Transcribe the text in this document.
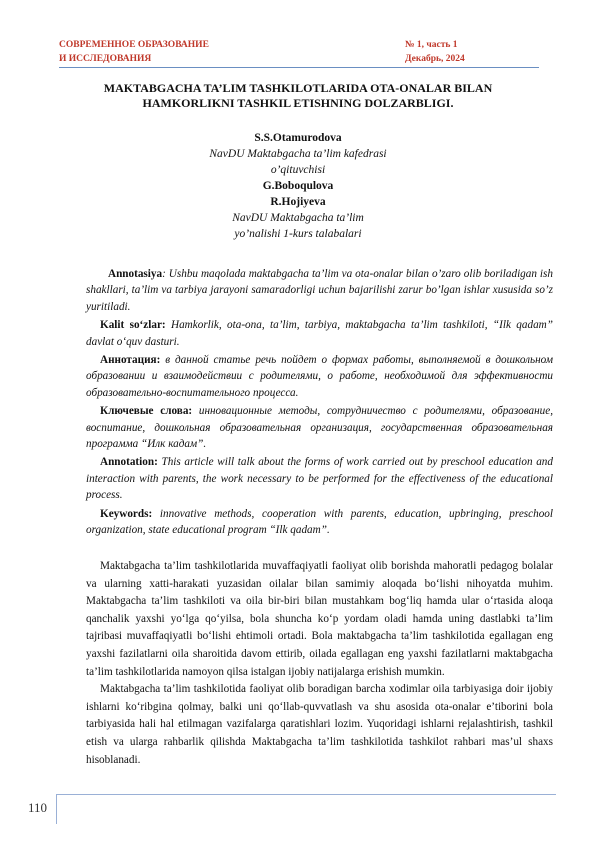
СОВРЕМЕННОЕ ОБРАЗОВАНИЕ
И ИССЛЕДОВАНИЯ
№ 1, часть 1
Декабрь, 2024
MAKTABGACHA TA’LIM TASHKILOTLARIDA OTA-ONALAR BILAN
HAMKORLIKNI TASHKIL ETISHNING DOLZARBLIGI.
S.S.Otamurodova
NavDU Maktabgacha ta’lim kafedrasi
o’qituvchisi
G.Boboqulova
R.Hojiyeva
NavDU Maktabgacha ta’lim
yo’nalishi 1-kurs talabalari

Annotasiya: Ushbu maqolada maktabgacha ta’lim va ota-onalar bilan o’zaro olib boriladigan ish shakllari, ta’lim va tarbiya jarayoni samaradorligi uchun bajarilishi zarur bo’lgan ishlar xususida so’z yuritiladi.

Kalit so‘zlar: Hamkorlik, ota-ona, ta’lim, tarbiya, maktabgacha ta’lim tashkiloti, “Ilk qadam” davlat o‘quv dasturi.

Аннотация: в данной статье речь пойдет о формах работы, выполняемой в дошкольном образовании и взаимодействии с родителями, о работе, необходимой для эффективности образовательно-воспитательного процесса.

Ключевые слова: инновационные методы, сотрудничество с родителями, образование, воспитание, дошкольная образовательная организация, государственная образовательная программа “Илк кадам”.

Annotation: This article will talk about the forms of work carried out by preschool education and interaction with parents, the work necessary to be performed for the effectiveness of the educational process.

Keywords: innovative methods, cooperation with parents, education, upbringing, preschool organization, state educational program “Ilk qadam”.

Maktabgacha ta’lim tashkilotlarida muvaffaqiyatli faoliyat olib borishda mahoratli pedagog bolalar va ularning xatti-harakati yuzasidan oilalar bilan samimiy aloqada bo‘lishi nihoyatda muhim. Maktabgacha ta’lim tashkiloti va oila bir-biri bilan mustahkam bog‘liq hamda ular o‘rtasida aloqa qanchalik yaxshi yo‘lga qo‘yilsa, bola shuncha ko‘p yordam oladi hamda uning dastlabki ta’lim tajribasi muvaffaqiyatli bo‘lishi ehtimoli ortadi. Bola maktabgacha ta’lim tashkilotida egallagan eng yaxshi fazilatlarni oila sharoitida davom ettirib, oilada egallagan eng yaxshi fazilatlarni maktabgacha ta’lim tashkilotlarida namoyon qilsa istalgan ijobiy natijalarga erishish mumkin.

Maktabgacha ta’lim tashkilotida faoliyat olib boradigan barcha xodimlar oila tarbiyasiga doir ijobiy ishlarni ko‘ribgina qolmay, balki uni qo‘llab-quvvatlash va shu asosida ota-onalar e’tiborini bola tarbiyasida hali hal etilmagan vazifalarga qaratishlari lozim. Yuqoridagi ishlarni rejalashtirish, tashkil etish va ularga rahbarlik qilishda Maktabgacha ta’lim tashkilotida tashkilot rahbari mas’ul shaxs hisoblanadi.

110
